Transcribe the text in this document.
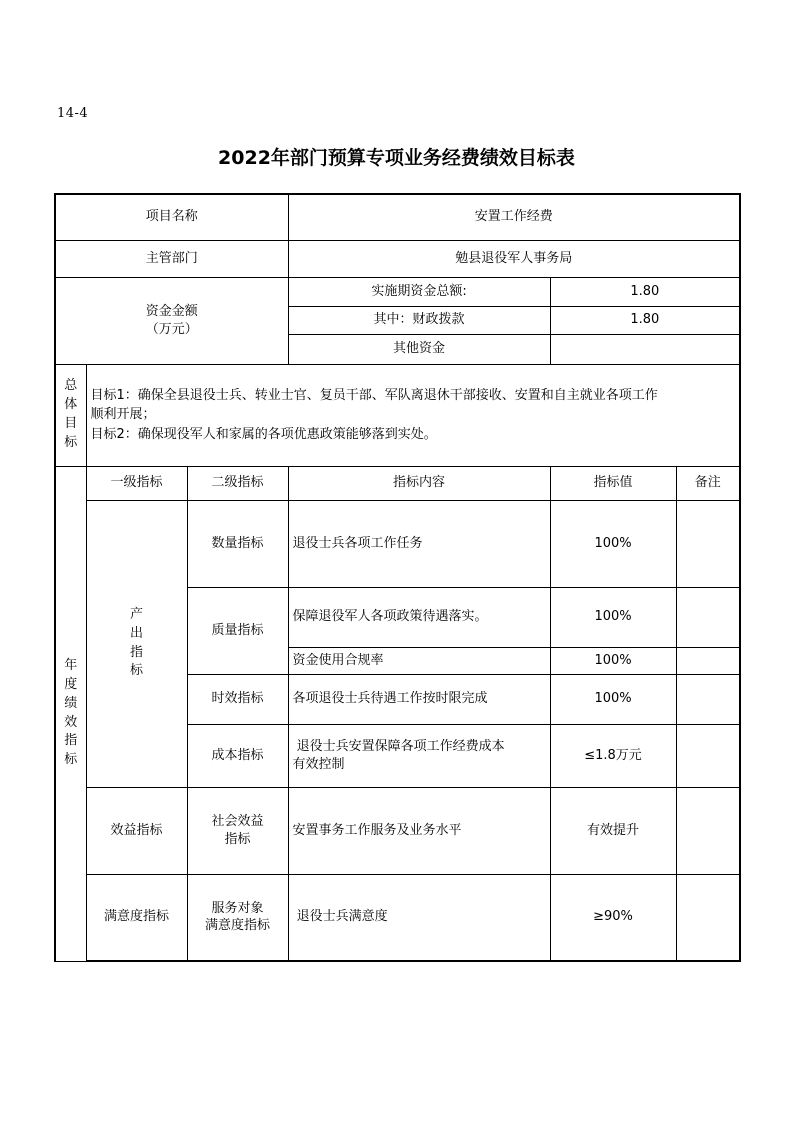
14-4
2022年部门预算专项业务经费绩效目标表
项目名称			安置工作经费		
主管部门			勉县退役军人事务局		

资金金额
（万元）			实施期资金总额:	1.80	
			其中：财政拨款	1.80	
			其他资金		

总体目标	目标1：确保全县退役士兵、转业士官、复员干部、军队离退休干部接收、安置和自主就业各项工作
顺利开展；
目标2：确保现役军人和家属的各项优惠政策能够落到实处。				

年度绩效指标	一级指标	二级指标	指标内容	指标值	备注

	产出指标	数量指标	退役士兵各项工作任务	100%	
		质量指标	保障退役军人各项政策待遇落实。	100%	
			资金使用合规率	100%	
		时效指标	各项退役士兵待遇工作按时限完成	100%	
		成本指标	退役士兵安置保障各项工作经费成本
有效控制	≤1.8万元	
	效益指标	社会效益
指标	安置事务工作服务及业务水平	有效提升	
	满意度指标	服务对象
满意度指标	退役士兵满意度	≥90%	
